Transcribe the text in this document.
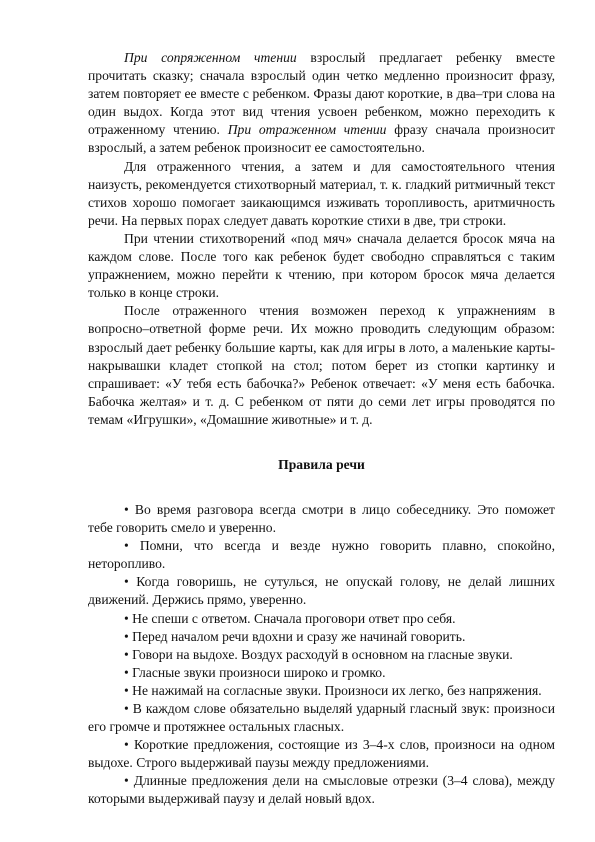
При сопряженном чтении взрослый предлагает ребенку вместе прочитать сказку; сначала взрослый один четко медленно произносит фразу, затем повторяет ее вместе с ребенком. Фразы дают короткие, в два–три слова на один выдох. Когда этот вид чтения усвоен ребенком, можно переходить к отраженному чтению. При отраженном чтении фразу сначала произносит взрослый, а затем ребенок произносит ее самостоятельно.

Для отраженного чтения, а затем и для самостоятельного чтения наизусть, рекомендуется стихотворный материал, т. к. гладкий ритмичный текст стихов хорошо помогает заикающимся изживать торопливость, аритмичность речи. На первых порах следует давать короткие стихи в две, три строки.

При чтении стихотворений «под мяч» сначала делается бросок мяча на каждом слове. После того как ребенок будет свободно справляться с таким упражнением, можно перейти к чтению, при котором бросок мяча делается только в конце строки.

После отраженного чтения возможен переход к упражнениям в вопросно–ответной форме речи. Их можно проводить следующим образом: взрослый дает ребенку большие карты, как для игры в лото, а маленькие карты-накрывашки кладет стопкой на стол; потом берет из стопки картинку и спрашивает: «У тебя есть бабочка?» Ребенок отвечает: «У меня есть бабочка. Бабочка желтая» и т. д. С ребенком от пяти до семи лет игры проводятся по темам «Игрушки», «Домашние животные» и т. д.

Правила речи

• Во время разговора всегда смотри в лицо собеседнику. Это поможет тебе говорить смело и уверенно.

• Помни, что всегда и везде нужно говорить плавно, спокойно, неторопливо.

• Когда говоришь, не сутулься, не опускай голову, не делай лишних движений. Держись прямо, уверенно.

• Не спеши с ответом. Сначала проговори ответ про себя.

• Перед началом речи вдохни и сразу же начинай говорить.

• Говори на выдохе. Воздух расходуй в основном на гласные звуки.

• Гласные звуки произноси широко и громко.

• Не нажимай на согласные звуки. Произноси их легко, без напряжения.

• В каждом слове обязательно выделяй ударный гласный звук: произноси его громче и протяжнее остальных гласных.

• Короткие предложения, состоящие из 3–4-х слов, произноси на одном выдохе. Строго выдерживай паузы между предложениями.

• Длинные предложения дели на смысловые отрезки (3–4 слова), между которыми выдерживай паузу и делай новый вдох.
